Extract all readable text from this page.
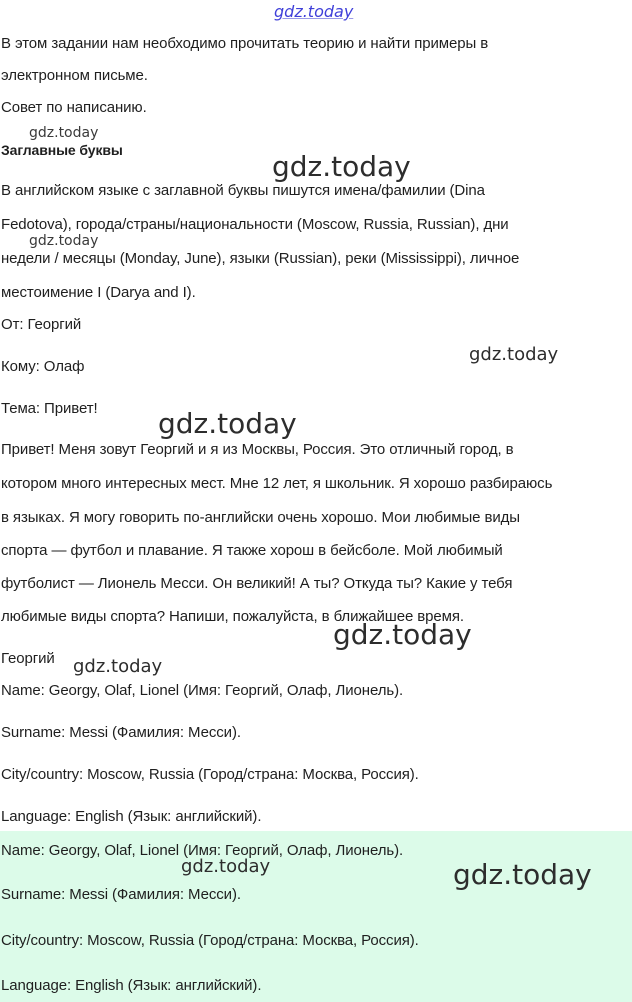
gdz.today
В этом задании нам необходимо прочитать теорию и найти примеры в
электронном письме.
Совет по написанию.
gdz.today
Заглавные буквы	gdz.today
В английском языке с заглавной буквы пишутся имена/фамилии (Dina
Fedotova), города/страны/национальности (Moscow, Russia, Russian), дни
gdz.today
недели / месяцы (Monday, June), языки (Russian), реки (Mississippi), личное
местоимение I (Darya and I).
От: Георгий
gdz.today
Кому: Олаф
Тема: Привет! gdz.today
Привет! Меня зовут Георгий и я из Москвы, Россия. Это отличный город, в
котором много интересных мест. Мне 12 лет, я школьник. Я хорошо разбираюсь
в языках. Я могу говорить по-английски очень хорошо. Мои любимые виды
спорта — футбол и плавание. Я также хорош в бейсболе. Мой любимый
футболист — Лионель Месси. Он великий! А ты? Откуда ты? Какие у тебя
любимые виды спорта? Напиши, пожалуйста, в ближайшее время.
gdz.today
Георгий gdz.today
Name: Georgy, Olaf, Lionel (Имя: Георгий, Олаф, Лионель).
Surname: Messi (Фамилия: Месси).
City/country: Moscow, Russia (Город/страна: Москва, Россия).
Language: English (Язык: английский).
Name: Georgy, Olaf, Lionel (Имя: Георгий, Олаф, Лионель).
gdz.today	gdz.today
Surname: Messi (Фамилия: Месси).
City/country: Moscow, Russia (Город/страна: Москва, Россия).
Language: English (Язык: английский).
